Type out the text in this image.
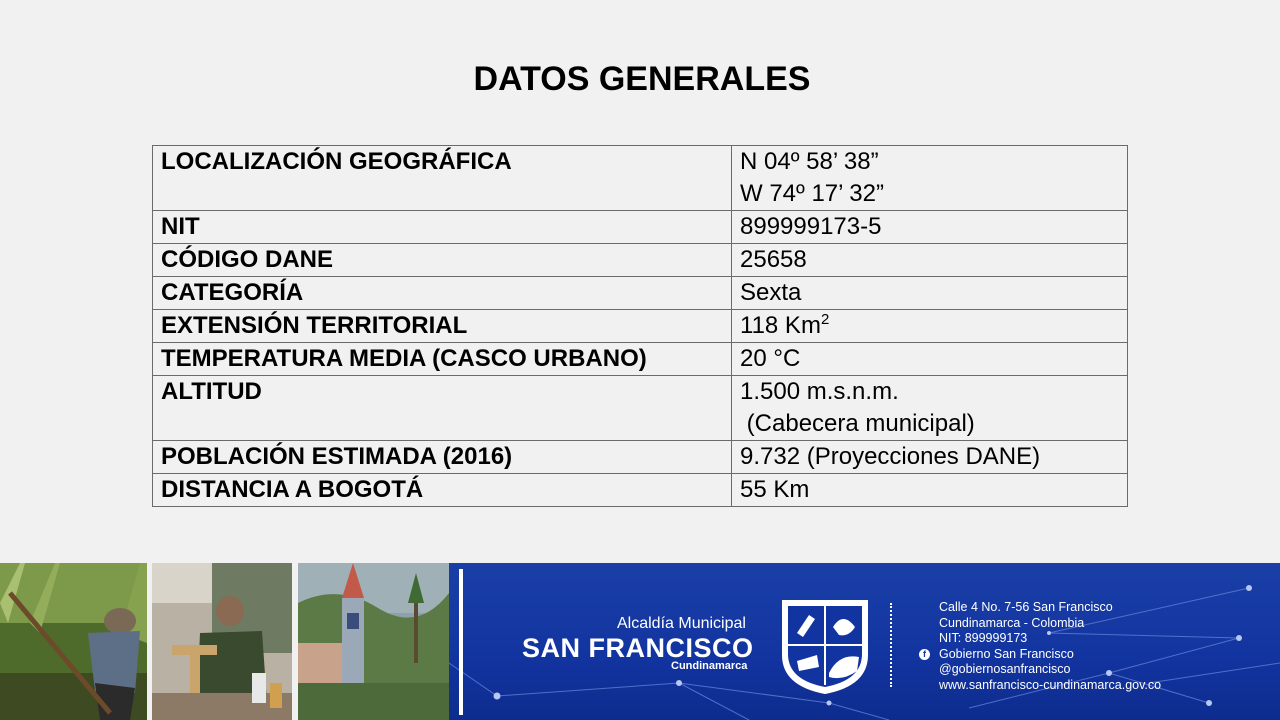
DATOS GENERALES
LOCALIZACIÓN GEOGRÁFICA	N 04º 58’ 38”
W 74º 17’ 32”
NIT	899999173-5
CÓDIGO DANE	25658
CATEGORÍA	Sexta
EXTENSIÓN TERRITORIAL	118 Km$^2$
TEMPERATURA MEDIA (CASCO URBANO)	20 °C
ALTITUD	1.500 m.s.n.m.
(Cabecera municipal)
POBLACIÓN ESTIMADA (2016)	9.732 (Proyecciones DANE)
DISTANCIA A BOGOTÁ	55 Km
Alcaldía Municipal
SAN FRANCISCO
Cundinamarca
Calle 4 No. 7-56 San Francisco
Cundinamarca - Colombia
NIT: 899999173
f	Gobierno San Francisco
@gobiernosanfrancisco
www.sanfrancisco-cundinamarca.gov.co
